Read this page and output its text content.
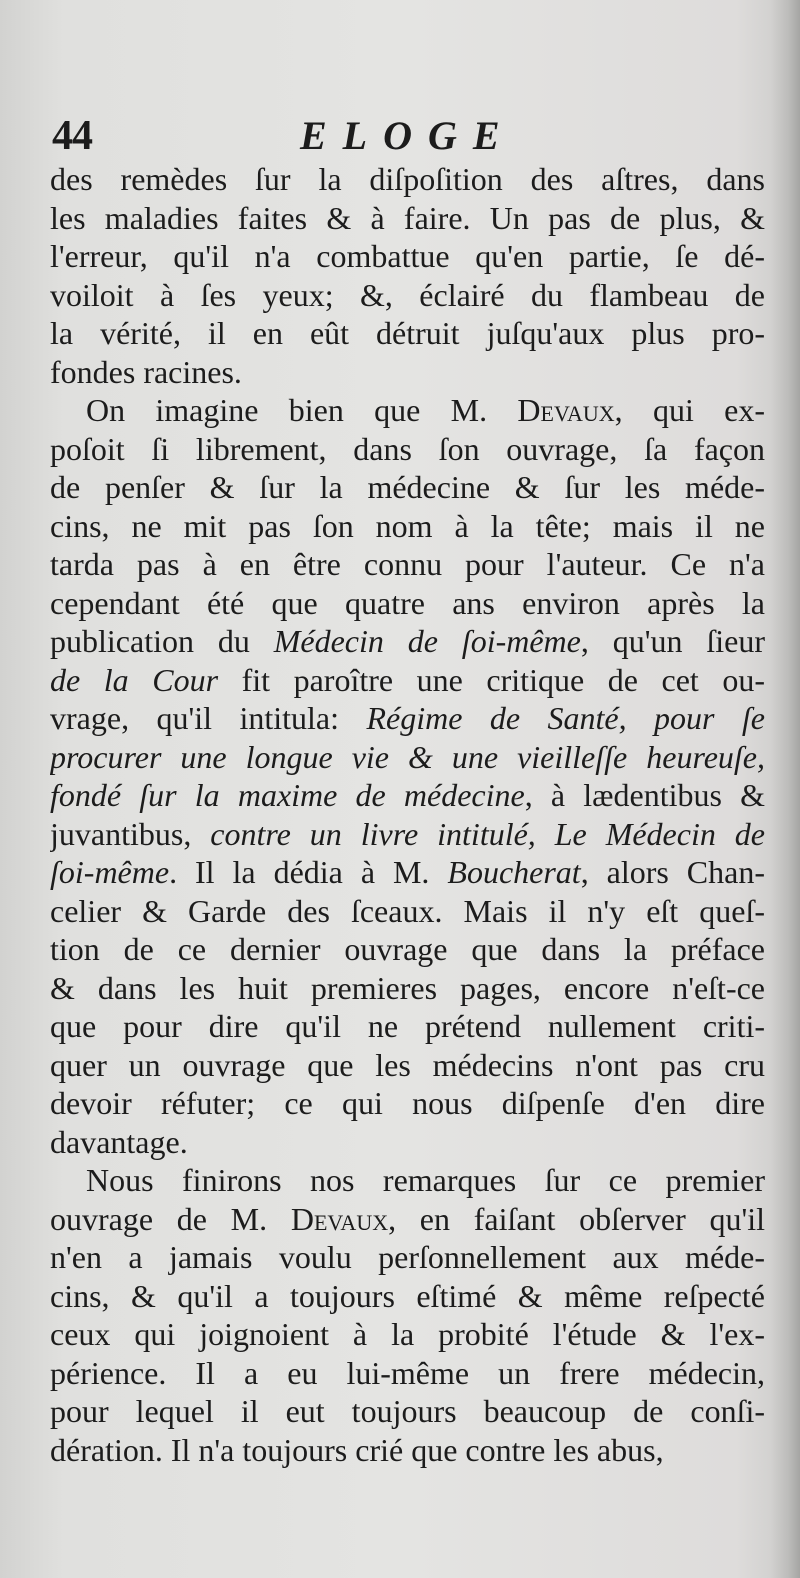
44	ELOGE
des remèdes ſur la diſpoſition des aſtres, dans
les maladies faites & à faire. Un pas de plus, &
l'erreur, qu'il n'a combattue qu'en partie, ſe dé-
voiloit à ſes yeux; &, éclairé du flambeau de
la vérité, il en eût détruit juſqu'aux plus pro-
fondes racines.
On imagine bien que M. Devaux, qui ex-
poſoit ſi librement, dans ſon ouvrage, ſa façon
de penſer & ſur la médecine & ſur les méde-
cins, ne mit pas ſon nom à la tête; mais il ne
tarda pas à en être connu pour l'auteur. Ce n'a
cependant été que quatre ans environ après la
publication du Médecin de ſoi-même, qu'un ſieur
de la Cour fit paroître une critique de cet ou-
vrage, qu'il intitula: Régime de Santé, pour ſe
procurer une longue vie & une vieilleſſe heureuſe,
fondé ſur la maxime de médecine, à lædentibus &
juvantibus, contre un livre intitulé, Le Médecin de
ſoi-même. Il la dédia à M. Boucherat, alors Chan-
celier & Garde des ſceaux. Mais il n'y eſt queſ-
tion de ce dernier ouvrage que dans la préface
& dans les huit premieres pages, encore n'eſt-ce
que pour dire qu'il ne prétend nullement criti-
quer un ouvrage que les médecins n'ont pas cru
devoir réfuter; ce qui nous diſpenſe d'en dire
davantage.
Nous finirons nos remarques ſur ce premier
ouvrage de M. Devaux, en faiſant obſerver qu'il
n'en a jamais voulu perſonnellement aux méde-
cins, & qu'il a toujours eſtimé & même reſpecté
ceux qui joignoient à la probité l'étude & l'ex-
périence. Il a eu lui-même un frere médecin,
pour lequel il eut toujours beaucoup de conſi-
dération. Il n'a toujours crié que contre les abus,
